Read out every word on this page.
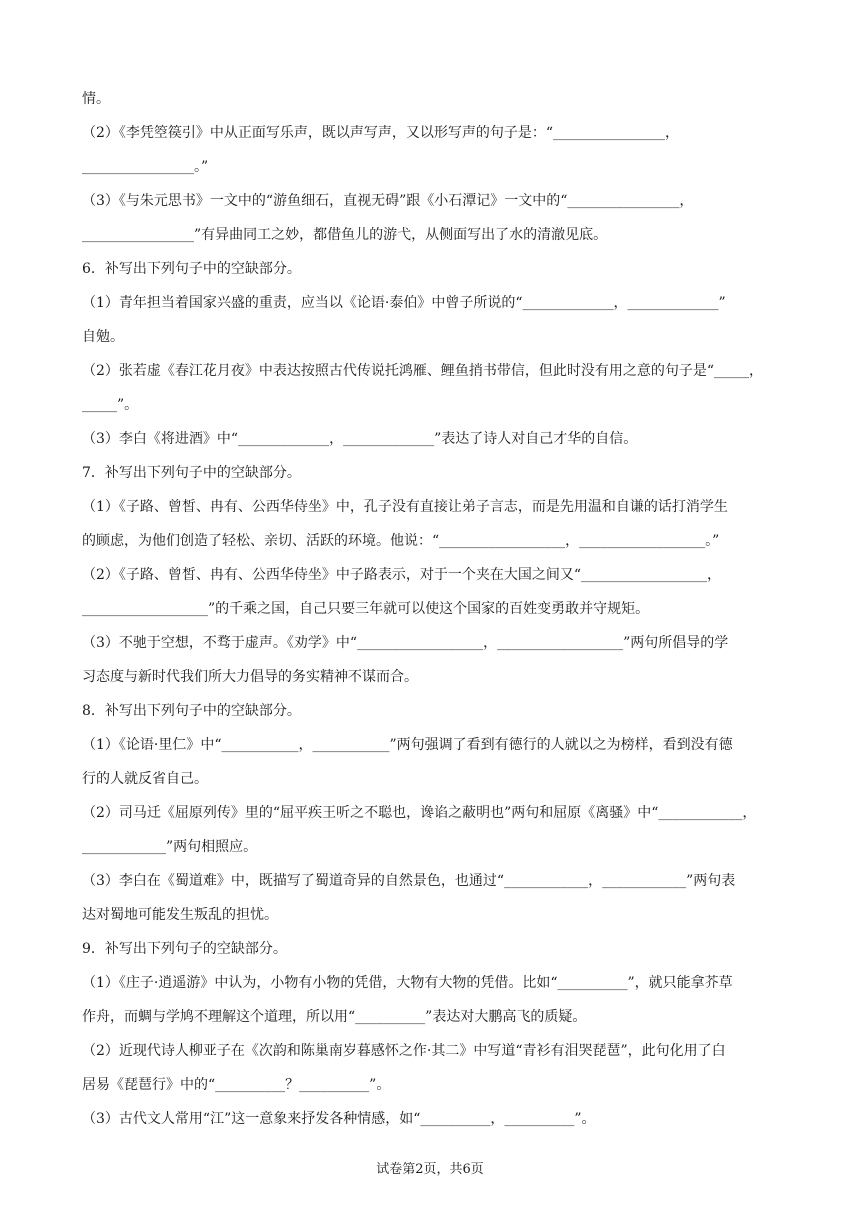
情。
（2）《李凭箜篌引》中从正面写乐声，既以声写声，又以形写声的句子是：“________________，
________________。”
（3）《与朱元思书》一文中的“游鱼细石，直视无碍”跟《小石潭记》一文中的“________________，
________________”有异曲同工之妙，都借鱼儿的游弋，从侧面写出了水的清澈见底。
6．补写出下列句子中的空缺部分。
（1）青年担当着国家兴盛的重责，应当以《论语·泰伯》中曾子所说的“_____________，_____________”
自勉。
（2）张若虚《春江花月夜》中表达按照古代传说托鸿雁、鲤鱼捎书带信，但此时没有用之意的句子是“_____，
_____”。
（3）李白《将进酒》中“_____________，_____________”表达了诗人对自己才华的自信。
7．补写出下列句子中的空缺部分。
（1）《子路、曾皙、冉有、公西华侍坐》中，孔子没有直接让弟子言志，而是先用温和自谦的话打消学生
的顾虑，为他们创造了轻松、亲切、活跃的环境。他说：“__________________，__________________。”
（2）《子路、曾皙、冉有、公西华侍坐》中子路表示，对于一个夹在大国之间又“__________________，
__________________”的千乘之国，自己只要三年就可以使这个国家的百姓变勇敢并守规矩。
（3）不驰于空想，不骛于虚声。《劝学》中“__________________，__________________”两句所倡导的学
习态度与新时代我们所大力倡导的务实精神不谋而合。
8．补写出下列句子中的空缺部分。
（1）《论语·里仁》中“___________，___________”两句强调了看到有德行的人就以之为榜样，看到没有德
行的人就反省自己。
（2）司马迁《屈原列传》里的“屈平疾王听之不聪也，谗谄之蔽明也”两句和屈原《离骚》中“____________，
____________”两句相照应。
（3）李白在《蜀道难》中，既描写了蜀道奇异的自然景色，也通过“____________，____________”两句表
达对蜀地可能发生叛乱的担忧。
9．补写出下列句子的空缺部分。
（1）《庄子·逍遥游》中认为，小物有小物的凭借，大物有大物的凭借。比如“__________”，就只能拿芥草
作舟，而蜩与学鸠不理解这个道理，所以用“__________”表达对大鹏高飞的质疑。
（2）近现代诗人柳亚子在《次韵和陈巢南岁暮感怀之作·其二》中写道“青衫有泪哭琵琶”，此句化用了白
居易《琵琶行》中的“__________？__________”。
（3）古代文人常用“江”这一意象来抒发各种情感，如“__________，__________”。
试卷第2页，共6页
